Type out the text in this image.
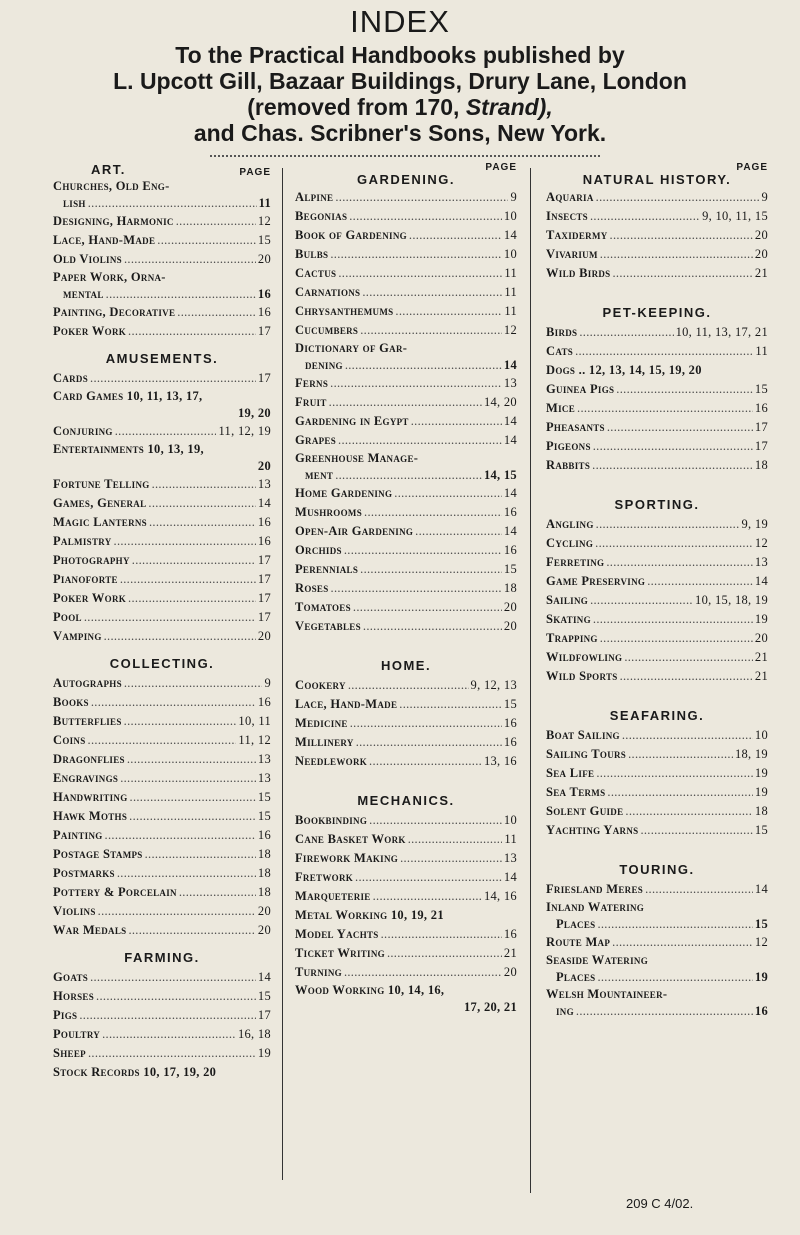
INDEX
To the Practical Handbooks published by
L. Upcott Gill, Bazaar Buildings, Drury Lane, London
(removed from 170, Strand),
and Chas. Scribner's Sons, New York.
ART.	PAGE
Churches, Old Eng-
lish .....	11
Designing, Harmonic .....	12
Lace, Hand-Made .....	15
Old Violins .....	20
Paper Work, Orna-
mental .....	16
Painting, Decorative .....	16
Poker Work .....	17
AMUSEMENTS.
Cards .....	17
Card Games 10, 11, 13, 17,
19, 20
Conjuring .....	11, 12, 19
Entertainments 10, 13, 19,
20
Fortune Telling .....	13
Games, General .....	14
Magic Lanterns .....	16
Palmistry .....	16
Photography .....	17
Pianoforte .....	17
Poker Work .....	17
Pool .....	17
Vamping .....	20
COLLECTING.
Autographs .....	9
Books .....	16
Butterflies .....	10, 11
Coins .....	11, 12
Dragonflies .....	13
Engravings .....	13
Handwriting .....	15
Hawk Moths .....	15
Painting .....	16
Postage Stamps .....	18
Postmarks .....	18
Pottery & Porcelain .....	18
Violins .....	20
War Medals .....	20
FARMING.
Goats .....	14
Horses .....	15
Pigs .....	17
Poultry .....	16, 18
Sheep .....	19
Stock Records 10, 17, 19, 20
PAGE
GARDENING.
Alpine .....	9
Begonias .....	10
Book of Gardening .....	14
Bulbs .....	10
Cactus .....	11
Carnations .....	11
Chrysanthemums .....	11
Cucumbers .....	12
Dictionary of Gar-
dening .....	14
Ferns .....	13
Fruit .....	14, 20
Gardening in Egypt .....	14
Grapes .....	14
Greenhouse Manage-
ment .....	14, 15
Home Gardening .....	14
Mushrooms .....	16
Open-Air Gardening .....	14
Orchids .....	16
Perennials .....	15
Roses .....	18
Tomatoes .....	20
Vegetables .....	20
HOME.
Cookery .....	9, 12, 13
Lace, Hand-Made .....	15
Medicine .....	16
Millinery .....	16
Needlework .....	13, 16
MECHANICS.
Bookbinding .....	10
Cane Basket Work .....	11
Firework Making .....	13
Fretwork .....	14
Marqueterie .....	14, 16
Metal Working 10, 19, 21
Model Yachts .....	16
Ticket Writing .....	21
Turning .....	20
Wood Working 10, 14, 16,
17, 20, 21
PAGE
NATURAL HISTORY.
Aquaria .....	9
Insects .....	9, 10, 11, 15
Taxidermy .....	20
Vivarium .....	20
Wild Birds .....	21
PET-KEEPING.
Birds .....	10, 11, 13, 17, 21
Cats .....	11
Dogs .. 12, 13, 14, 15, 19, 20
Guinea Pigs .....	15
Mice .....	16
Pheasants .....	17
Pigeons .....	17
Rabbits .....	18
SPORTING.
Angling .....	9, 19
Cycling .....	12
Ferreting .....	13
Game Preserving .....	14
Sailing .....	10, 15, 18, 19
Skating .....	19
Trapping .....	20
Wildfowling .....	21
Wild Sports .....	21
SEAFARING.
Boat Sailing .....	10
Sailing Tours .....	18, 19
Sea Life .....	19
Sea Terms .....	19
Solent Guide .....	18
Yachting Yarns .....	15
TOURING.
Friesland Meres .....	14
Inland Watering
Places .....	15
Route Map .....	12
Seaside Watering
Places .....	19
Welsh Mountaineer-
ing .....	16
209 C 4/02.
